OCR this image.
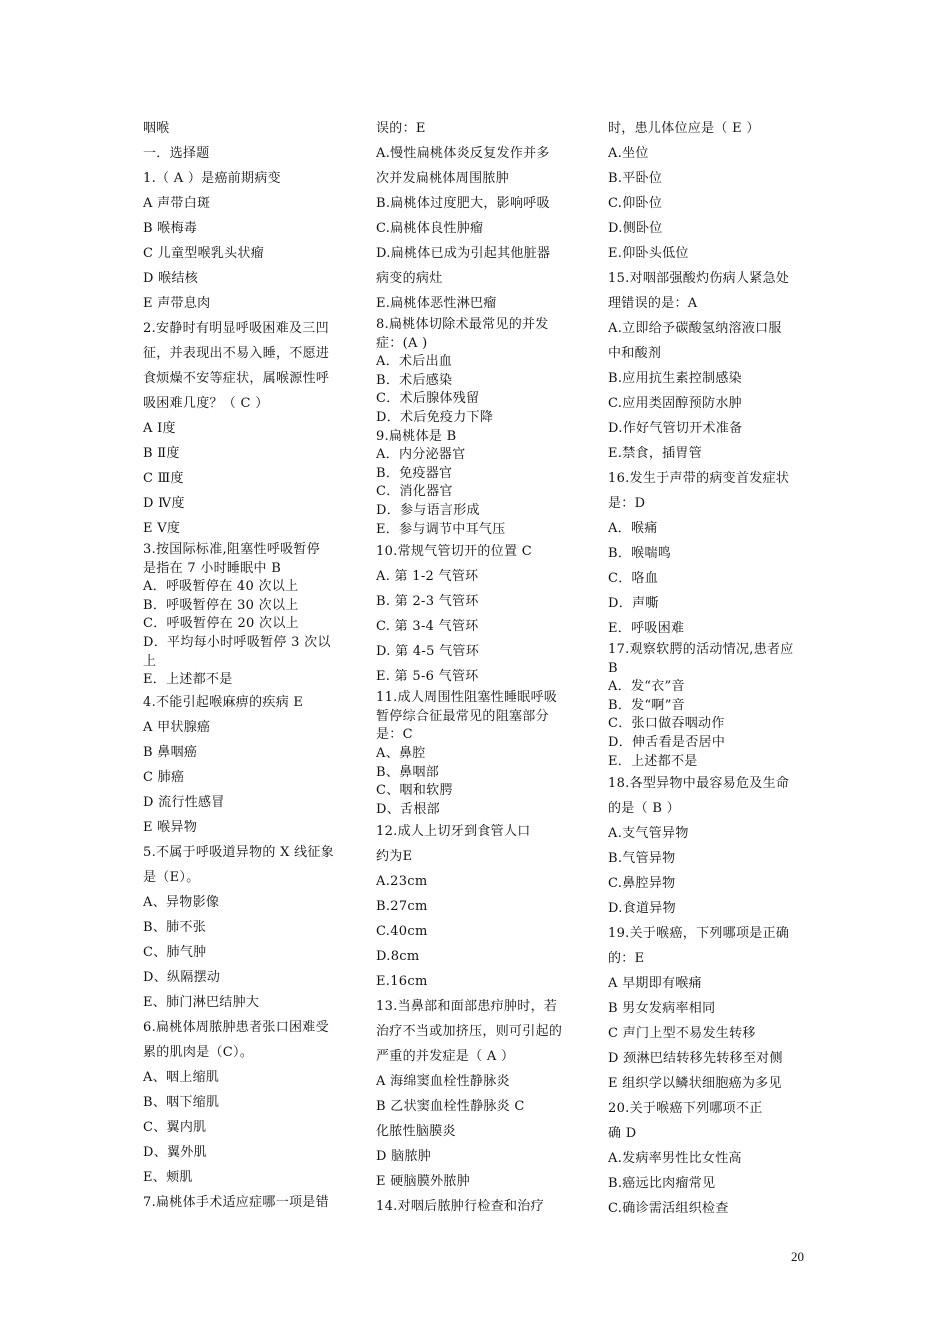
咽喉
一．选择题
1.（ A ）是癌前期病变
A 声带白斑
B 喉梅毒
C 儿童型喉乳头状瘤
D 喉结核
E 声带息肉
2.安静时有明显呼吸困难及三凹
征，并表现出不易入睡，不愿进
食烦燥不安等症状，属喉源性呼
吸困难几度？（ C ）
A Ⅰ度
B Ⅱ度
C Ⅲ度
D Ⅳ度
E Ⅴ度
3.按国际标准,阻塞性呼吸暂停
是指在 7 小时睡眠中 B
A．呼吸暂停在 40 次以上
B．呼吸暂停在 30 次以上
C．呼吸暂停在 20 次以上
D．平均每小时呼吸暂停 3 次以
上
E．上述都不是
4.不能引起喉麻痹的疾病 E
A 甲状腺癌
B 鼻咽癌
C 肺癌
D 流行性感冒
E 喉异物
5.不属于呼吸道异物的 X 线征象
是（E）。
A、异物影像
B、肺不张
C、肺气肿
D、纵隔摆动
E、肺门淋巴结肿大
6.扁桃体周脓肿患者张口困难受
累的肌肉是（C）。
A、咽上缩肌
B、咽下缩肌
C、翼内肌
D、翼外肌
E、颊肌
7.扁桃体手术适应症哪一项是错
误的：E
A.慢性扁桃体炎反复发作并多
次并发扁桃体周围脓肿
B.扁桃体过度肥大，影响呼吸
C.扁桃体良性肿瘤
D.扁桃体已成为引起其他脏器
病变的病灶
E.扁桃体恶性淋巴瘤
8.扁桃体切除术最常见的并发
症：(A )
A．术后出血
B．术后感染
C．术后腺体残留
D．术后免疫力下降
9.扁桃体是 B
A．内分泌器官
B．免疫器官
C．消化器官
D．参与语言形成
E．参与调节中耳气压
10.常规气管切开的位置 C
A. 第 1-2 气管环
B. 第 2-3 气管环
C. 第 3-4 气管环
D. 第 4-5 气管环
E. 第 5-6 气管环
11.成人周围性阻塞性睡眠呼吸
暂停综合征最常见的阻塞部分
是：C
A、鼻腔
B、鼻咽部
C、咽和软腭
D、舌根部
12.成人上切牙到食管人口
约为E
A.23cm
B.27cm
C.40cm
D.8cm
E.16cm
13.当鼻部和面部患疖肿时，若
治疗不当或加挤压，则可引起的
严重的并发症是（ A ）
A 海绵窦血栓性静脉炎
B 乙状窦血栓性静脉炎 C
化脓性脑膜炎
D 脑脓肿
E 硬脑膜外脓肿
14.对咽后脓肿行检查和治疗
时，患儿体位应是（ E ）
A.坐位
B.平卧位
C.仰卧位
D.侧卧位
E.仰卧头低位
15.对咽部强酸灼伤病人紧急处
理错误的是：A
A.立即给予碳酸氢纳溶液口服
中和酸剂
B.应用抗生素控制感染
C.应用类固醇预防水肿
D.作好气管切开术准备
E.禁食，插胃管
16.发生于声带的病变首发症状
是：D
A．喉痛
B．喉喘鸣
C．咯血
D．声嘶
E．呼吸困难
17.观察软腭的活动情况,患者应
B
A．发“衣”音
B．发“啊”音
C．张口做吞咽动作
D．伸舌看是否居中
E．上述都不是
18.各型异物中最容易危及生命
的是（ B ）
A.支气管异物
B.气管异物
C.鼻腔异物
D.食道异物
19.关于喉癌，下列哪项是正确
的：E
A 早期即有喉痛
B 男女发病率相同
C 声门上型不易发生转移
D 颈淋巴结转移先转移至对侧
E 组织学以鳞状细胞癌为多见
20.关于喉癌下列哪项不正
确 D
A.发病率男性比女性高
B.癌远比肉瘤常见
C.确诊需活组织检查
20
